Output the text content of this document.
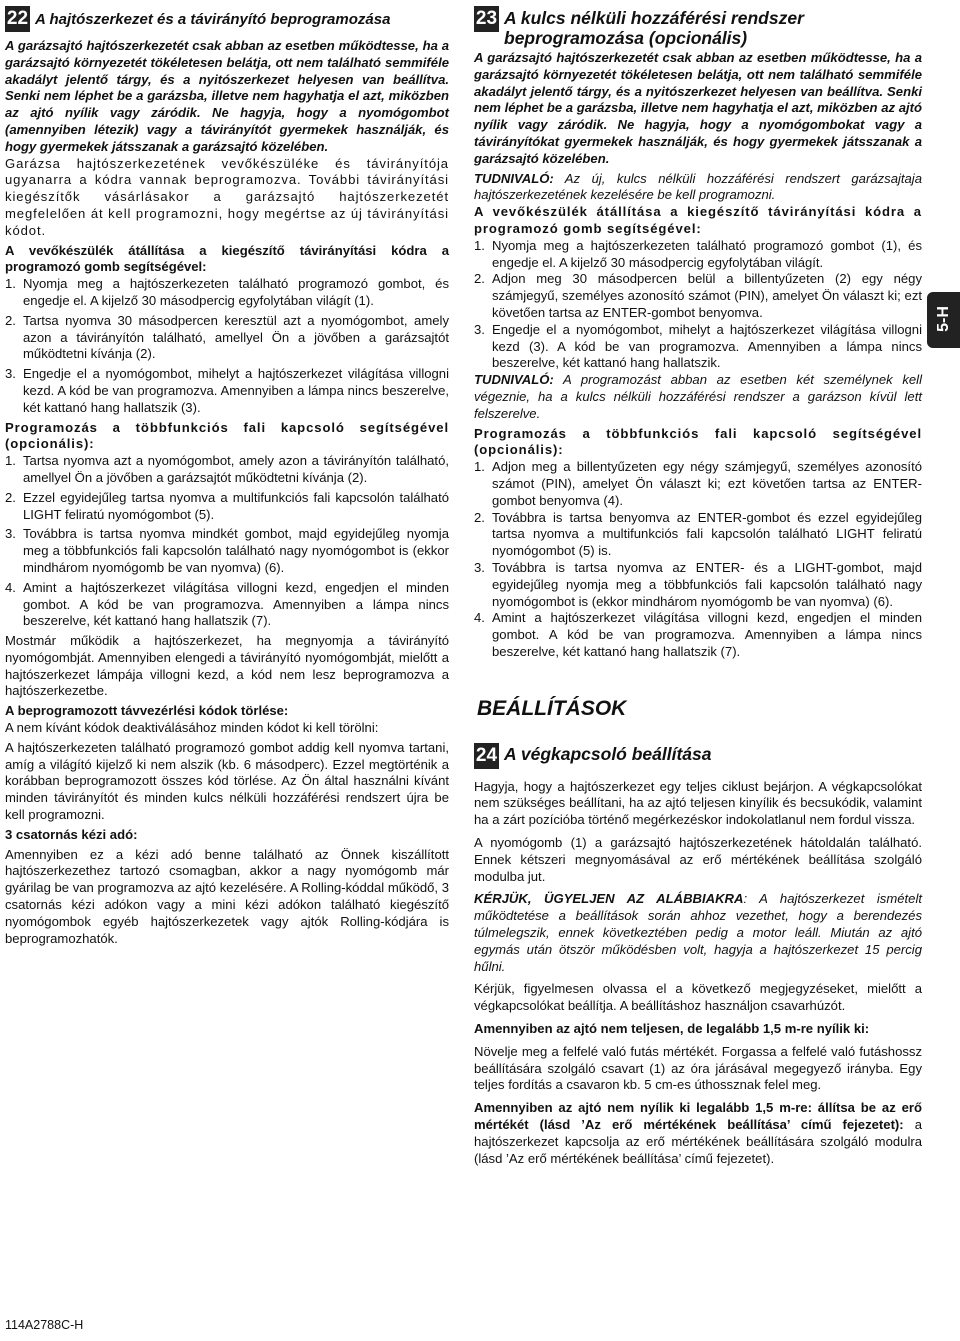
22 A hajtószerkezet és a távirányító beprogramozása

A garázsajtó hajtószerkezetét csak abban az esetben működtesse, ha a garázsajtó környezetét tökéletesen belátja, ott nem található semmiféle akadályt jelentő tárgy, és a nyitószerkezet helyesen van beállítva. Senki nem léphet be a garázsba, illetve nem hagyhatja el azt, miközben az ajtó nyílik vagy záródik. Ne hagyja, hogy a nyomógombot (amennyiben létezik) vagy a távirányítót gyermekek használják, és hogy gyermekek játsszanak a garázsajtó közelében.

Garázsa hajtószerkezetének vevőkészüléke és távirányítója ugyanarra a kódra vannak beprogramozva. További távirányítási kiegészítők vásárlásakor a garázsajtó hajtószerkezetét megfelelően át kell programozni, hogy megértse az új távirányítási kódot.

A vevőkészülék átállítása a kiegészítő távirányítási kódra a programozó gomb segítségével:

1. Nyomja meg a hajtószerkezeten található programozó gombot, és engedje el. A kijelző 30 másodpercig egyfolytában világít (1).
2. Tartsa nyomva 30 másodpercen keresztül azt a nyomógombot, amely azon a távirányítón található, amellyel Ön a jövőben a garázsajtót működtetni kívánja (2).
3. Engedje el a nyomógombot, mihelyt a hajtószerkezet világítása villogni kezd. A kód be van programozva. Amennyiben a lámpa nincs beszerelve, két kattanó hang hallatszik (3).

Programozás a többfunkciós fali kapcsoló segítségével (opcionális):

1. Tartsa nyomva azt a nyomógombot, amely azon a távirányítón található, amellyel Ön a jövőben a garázsajtót működtetni kívánja (2).
2. Ezzel egyidejűleg tartsa nyomva a multifunkciós fali kapcsolón található LIGHT feliratú nyomógombot (5).
3. Továbbra is tartsa nyomva mindkét gombot, majd egyidejűleg nyomja meg a többfunkciós fali kapcsolón található nagy nyomógombot is (ekkor mindhárom nyomógomb be van nyomva) (6).
4. Amint a hajtószerkezet világítása villogni kezd, engedjen el minden gombot. A kód be van programozva. Amennyiben a lámpa nincs beszerelve, két kattanó hang hallatszik (7).

Mostmár működik a hajtószerkezet, ha megnyomja a távirányító nyomógombját. Amennyiben elengedi a távirányító nyomógombját, mielőtt a hajtószerkezet lámpája villogni kezd, a kód nem lesz beprogramozva a hajtószerkezetbe.

A beprogramozott távvezérlési kódok törlése:

A nem kívánt kódok deaktiválásához minden kódot ki kell törölni:

A hajtószerkezeten található programozó gombot addig kell nyomva tartani, amíg a világító kijelző ki nem alszik (kb. 6 másodperc). Ezzel megtörténik a korábban beprogramozott összes kód törlése. Az Ön által használni kívánt minden távirányítót és minden kulcs nélküli hozzáférési rendszert újra be kell programozni.

3 csatornás kézi adó:

Amennyiben ez a kézi adó benne található az Önnek kiszállított hajtószerkezethez tartozó csomagban, akkor a nagy nyomógomb már gyárilag be van programozva az ajtó kezelésére. A Rolling-kóddal működő, 3 csatornás kézi adókon vagy a mini kézi adókon található kiegészítő nyomógombok egyéb hajtószerkezetek vagy ajtók Rolling-kódjára is beprogramozhatók.

23 A kulcs nélküli hozzáférési rendszer
beprogramozása (opcionális)

A garázsajtó hajtószerkezetét csak abban az esetben működtesse, ha a garázsajtó környezetét tökéletesen belátja, ott nem található semmiféle akadályt jelentő tárgy, és a nyitószerkezet helyesen van beállítva. Senki nem léphet be a garázsba, illetve nem hagyhatja el azt, miközben az ajtó nyílik vagy záródik. Ne hagyja, hogy a nyomógombokat vagy a távirányítókat gyermekek használják, és hogy gyermekek játsszanak a garázsajtó közelében.

TUDNIVALÓ: Az új, kulcs nélküli hozzáférési rendszert garázsajtaja hajtószerkezetének kezelésére be kell programozni.

A vevőkészülék átállítása a kiegészítő távirányítási kódra a programozó gomb segítségével:

1. Nyomja meg a hajtószerkezeten található programozó gombot (1), és engedje el. A kijelző 30 másodpercig egyfolytában világít.
2. Adjon meg 30 másodpercen belül a billentyűzeten (2) egy négy számjegyű, személyes azonosító számot (PIN), amelyet Ön választ ki; ezt követően tartsa az ENTER-gombot benyomva.
3. Engedje el a nyomógombot, mihelyt a hajtószerkezet világítása villogni kezd (3). A kód be van programozva. Amennyiben a lámpa nincs beszerelve, két kattanó hang hallatszik.

TUDNIVALÓ: A programozást abban az esetben két személynek kell végeznie, ha a kulcs nélküli hozzáférési rendszer a garázson kívül lett felszerelve.

Programozás a többfunkciós fali kapcsoló segítségével (opcionális):

1. Adjon meg a billentyűzeten egy négy számjegyű, személyes azonosító számot (PIN), amelyet Ön választ ki; ezt követően tartsa az ENTER-gombot benyomva (4).
2. Továbbra is tartsa benyomva az ENTER-gombot és ezzel egyidejűleg tartsa nyomva a multifunkciós fali kapcsolón található LIGHT feliratú nyomógombot (5) is.
3. Továbbra is tartsa nyomva az ENTER- és a LIGHT-gombot, majd egyidejűleg nyomja meg a többfunkciós fali kapcsolón található nagy nyomógombot is (ekkor mindhárom nyomógomb be van nyomva) (6).
4. Amint a hajtószerkezet világítása villogni kezd, engedjen el minden gombot. A kód be van programozva. Amennyiben a lámpa nincs beszerelve, két kattanó hang hallatszik (7).
BEÁLLÍTÁSOK
24 A végkapcsoló beállítása

Hagyja, hogy a hajtószerkezet egy teljes ciklust bejárjon. A végkapcsolókat nem szükséges beállítani, ha az ajtó teljesen kinyílik és becsukódik, valamint ha a zárt pozícióba történő megérkezéskor indokolatlanul nem fordul vissza.

A nyomógomb (1) a garázsajtó hajtószerkezetének hátoldalán található. Ennek kétszeri megnyomásával az erő mértékének beállítása szolgáló modulba jut.

KÉRJÜK, ÜGYELJEN AZ ALÁBBIAKRA: A hajtószerkezet ismételt működtetése a beállítások során ahhoz vezethet, hogy a berendezés túlmelegszik, ennek következtében pedig a motor leáll. Miután az ajtó egymás után ötször működésben volt, hagyja a hajtószerkezet 15 percig hűlni.

Kérjük, figyelmesen olvassa el a következő megjegyzéseket, mielőtt a végkapcsolókat beállítja. A beállításhoz használjon csavarhúzót.

Amennyiben az ajtó nem teljesen, de legalább 1,5 m-re nyílik ki:

Növelje meg a felfelé való futás mértékét. Forgassa a felfelé való futáshossz beállítására szolgáló csavart (1) az óra járásával megegyező irányba. Egy teljes fordítás a csavaron kb. 5 cm-es úthossznak felel meg.

Amennyiben az ajtó nem nyílik ki legalább 1,5 m-re: állítsa be az erő mértékét (lásd ’Az erő mértékének beállítása’ című fejezetet): a hajtószerkezet kapcsolja az erő mértékének beállítására szolgáló modulra (lásd ’Az erő mértékének beállítása’ című fejezetet).

5-H
114A2788C-H
